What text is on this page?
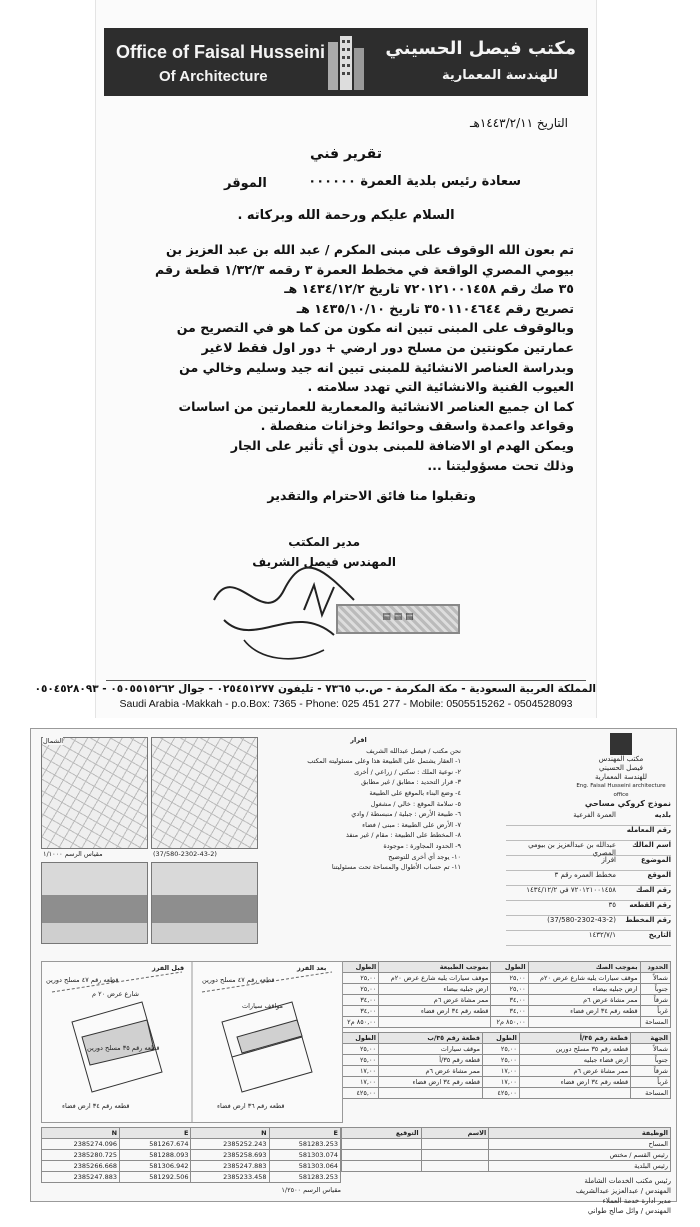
Office of Faisal Husseini
Of Architecture
مكتب فيصل الحسيني
للهندسة المعمارية
التاريخ ١٤٤٣/٢/١١هـ
تقرير فني
سعادة رئيس بلدية العمرة ٠٠٠٠٠٠
الموقر
السلام عليكم ورحمة الله وبركاته .

تم بعون الله الوقوف على مبنى المكرم / عبد الله بن عبد العزيز بن

بيومي المصري الواقعة في مخطط العمرة ٣ رقمه ١/٣٢/٣ قطعة رقم

٣٥ صك رقم ٧٢٠١٢١٠٠١٤٥٨ تاريخ ١٤٣٤/١٢/٢ هـ

تصريح رقم ٣٥٠١١٠٤٦٤٤ تاريخ ١٤٣٥/١٠/١٠ هـ

وبالوقوف على المبنى تبين انه مكون من كما هو في التصريح من

عمارتين مكونتين من مسلح دور ارضي + دور اول فقط لاغير

وبدراسة العناصر الانشائية للمبنى تبين انه جيد وسليم وخالي من

العيوب الفنية والانشائية التي تهدد سلامته .

كما ان جميع العناصر الانشائية والمعمارية للعمارتين من اساسات

وقواعد واعمدة واسقف وحوائط وخزانات منفصلة .

ويمكن الهدم او الاضافة للمبنى بدون أي تأثير على الجار

وذلك تحت مسؤوليتنا ...

وتقبلوا منا فائق الاحترام والتقدير
مدير المكتب
المهندس فيصل الشريف
▤ ▤ ▤
المملكة العربية السعودية - مكة المكرمة - ص.ب ٧٣٦٥ - تليفون ٠٢٥٤٥١٢٧٧ - جوال ٠٥٠٥٥١٥٢٦٢ - ٠٥٠٤٥٢٨٠٩٣
Saudi Arabia -Makkah - p.o.Box: 7365 - Phone: 025 451 277 - Mobile: 0505515262 - 0504528093
مكتب المهندس
فيصل الحسيني
للهندسة المعمارية
Eng. Faisal Husseini architecture office
نموذج كروكي مساحي
بلديه
العمرة الفرعية
رقم المعامله
اسم المالك
عبدالله بن عبدالعزيز بن بيومي المصري
الموضوع
افراز
الموقع
مخطط العمره رقم ٣
رقم الصك
٧٢٠١٢١٠٠١٤٥٨ في ١٤٣٤/١٢/٢
رقم القطعه
٣٥
رقم المخطط
(37/580-2302-43-2)
التاريخ
١٤٣٢/٧/١
اقرار
نحن مكتب / فيصل عبدالله الشريف
١- العقار يشتمل على الطبيعة هذا وعلى مسئوليته المكتب
٢- نوعية الملك : سكني / زراعي / أخرى
٣- قرار التحديد : مطابق / غير مطابق
٤- وضع البناء بالموقع على الطبيعة
٥- سلامة الموقع : خالي / مشغول
٦- طبيعة الأرض : جبلية / منبسطة / وادي
٧- الأرض على الطبيعة : مبنى / فضاء
٨- المخطط على الطبيعة : مقام / غير منفذ
٩- الحدود المجاورة : موجودة
١٠- يوجد أي أخرى للتوضيح
١١- تم حساب الأطوال والمساحة تحت مسئوليتنا
مقياس الرسم ١/١٠٠٠	(37/580-2302-43-2)
الشمال
الحدود	بموجب الصك	الطول	بموجب الطبيعة	الطول
شمالاً	موقف سيارات يليه شارع عرض ٢٠م	٢٥,٠٠	موقف سيارات يليه شارع عرض ٢٠م	٢٥,٠٠
جنوباً	ارض جبليه بيضاء	٢٥,٠٠	ارض جبليه بيضاء	٢٥,٠٠
شرقاً	ممر مشاة عرض ٦م	٣٤,٠٠	ممر مشاة عرض ٦م	٣٤,٠٠
غرباً	قطعه رقم ٣٤ ارض فضاء	٣٤,٠٠	قطعه رقم ٣٤ ارض فضاء	٣٤,٠٠
المساحة		٨٥٠,٠٠ م٢		٨٥٠,٠٠ م٢
الجهة	قطعة رقم ٣٥/أ	الطول	قطعة رقم ٣٥/ب	الطول
شمالاً	قطعه رقم ٣٥ مسلح دورين	٢٥,٠٠	موقف سيارات	٢٥,٠٠
جنوباً	ارض فضاء جبليه	٢٥,٠٠	قطعه رقم ٣٥/أ	٢٥,٠٠
شرقاً	ممر مشاة عرض ٦م	١٧,٠٠	ممر مشاة عرض ٦م	١٧,٠٠
غرباً	قطعه رقم ٣٤ ارض فضاء	١٧,٠٠	قطعه رقم ٣٤ ارض فضاء	١٧,٠٠
المساحة		٤٢٥,٠٠		٤٢٥,٠٠
قبل الفرز	بعد الفرز
قطعه رقم ٤٧ مسلح دورين	قطعه رقم ٤٧ مسلح دورين
شارع عرض ٢٠ م
مواقف سيارات
قطعه رقم ٣٥ مسلح دورين
قطعه رقم ٣٦ ارض فضاء
قطعه رقم ٣٤ ارض فضاء
N	E	N	E
2385274.096	581267.674	2385252.243	581283.253
2385280.725	581288.093	2385258.693	581303.074
2385266.668	581306.942	2385247.883	581303.064
2385247.883	581292.506	2385233.458	581283.253
مقياس الرسم ١/٢٥٠٠
الوظيفة	الاسم	التوقيع
المساح		
رئيس القسم / مختص		
رئيس البلدية		
رئيس مكتب الخدمات الشاملة
المهندس / عبدالعزيز عبدالشريف
مدير ادارة خدمة العملاء
المهندس / وائل صالح طواني
